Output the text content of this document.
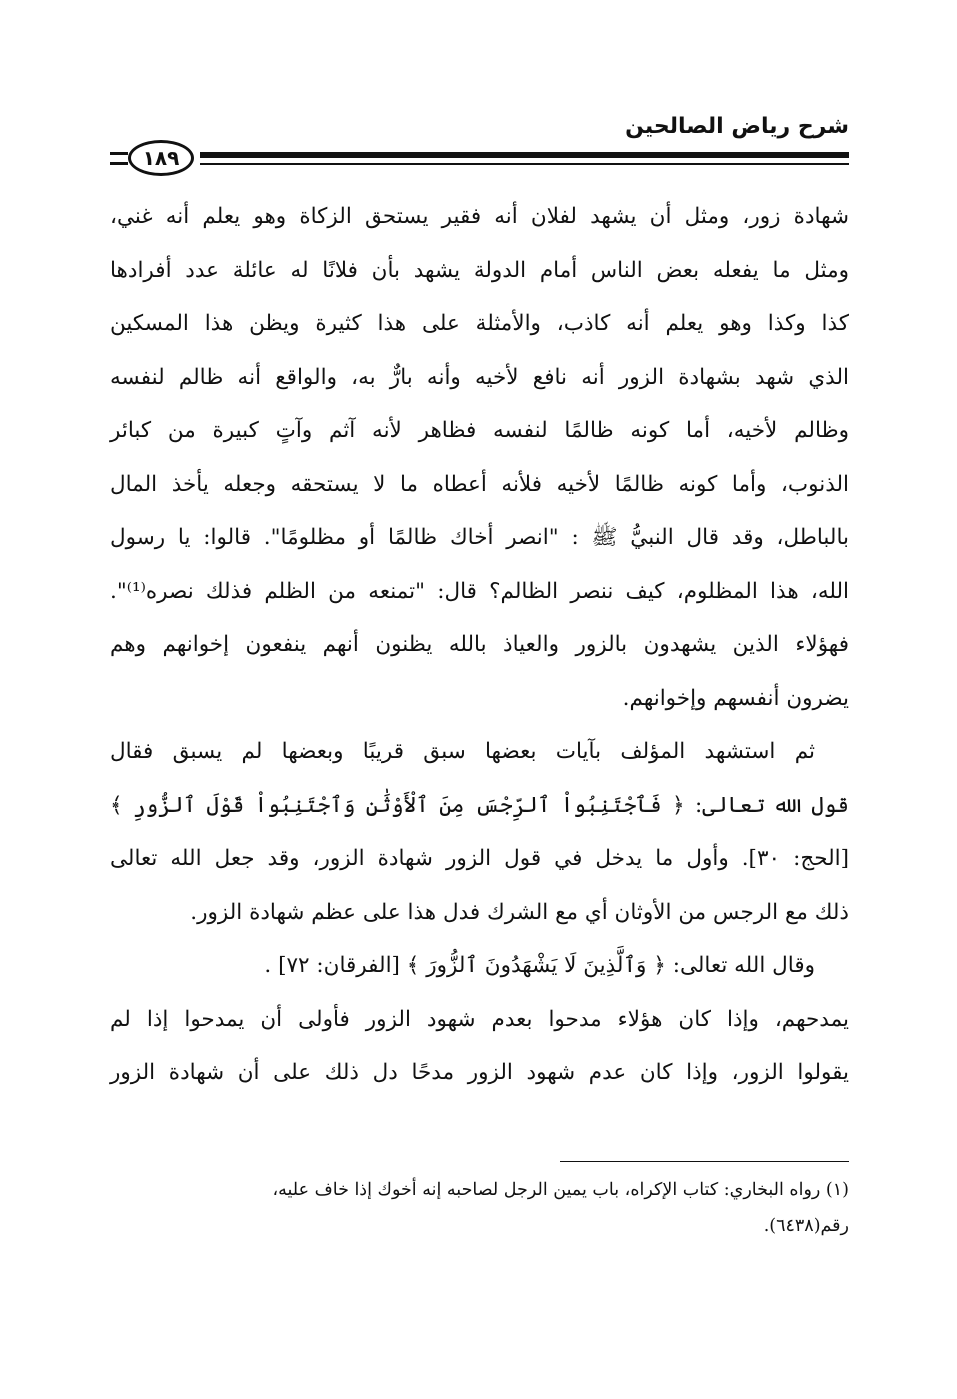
شرح رياض الصالحين
١٨٩

شهادة زور، ومثل أن يشهد لفلان أنه فقير يستحق الزكاة وهو يعلم أنه غني،

ومثل ما يفعله بعض الناس أمام الدولة يشهد بأن فلانًا له عائلة عدد أفرادها

كذا وكذا وهو يعلم أنه كاذب، والأمثلة على هذا كثيرة ويظن هذا المسكين

الذي شهد بشهادة الزور أنه نافع لأخيه وأنه بارٌّ به، والواقع أنه ظالم لنفسه

وظالم لأخيه، أما كونه ظالمًا لنفسه فظاهر لأنه آثم وآتٍ كبيرة من كبائر

الذنوب، وأما كونه ظالمًا لأخيه فلأنه أعطاه ما لا يستحقه وجعله يأخذ المال

بالباطل، وقد قال النبيُّ ﷺ : "انصر أخاك ظالمًا أو مظلومًا". قالوا: يا رسول

الله، هذا المظلوم، كيف ننصر الظالم؟ قال: "تمنعه من الظلم فذلك نصره⁽¹⁾".

فهؤلاء الذين يشهدون بالزور والعياذ بالله يظنون أنهم ينفعون إخوانهم وهم

يضرون أنفسهم وإخوانهم.

ثم استشهد المؤلف بآيات بعضها سبق قريبًا وبعضها لم يسبق فقال

قول الله تعالى: ﴿ فَٱجْتَنِبُواْ ٱلرِّجْسَ مِنَ ٱلْأَوْثَٰنِ وَٱجْتَنِبُواْ قَوْلَ ٱلزُّورِ ﴾

[الحج: ٣٠]. وأول ما يدخل في قول الزور شهادة الزور، وقد جعل الله تعالى

ذلك مع الرجس من الأوثان أي مع الشرك فدل هذا على عظم شهادة الزور.

وقال الله تعالى: ﴿ وَٱلَّذِينَ لَا يَشْهَدُونَ ٱلزُّورَ ﴾ [الفرقان: ٧٢] .

يمدحهم، وإذا كان هؤلاء مدحوا بعدم شهود الزور فأولى أن يمدحوا إذا لم

يقولوا الزور، وإذا كان عدم شهود الزور مدحًا دل ذلك على أن شهادة الزور

(١) رواه البخاري: كتاب الإكراه، باب يمين الرجل لصاحبه إنه أخوك إذا خاف عليه،

رقم(٦٤٣٨).
